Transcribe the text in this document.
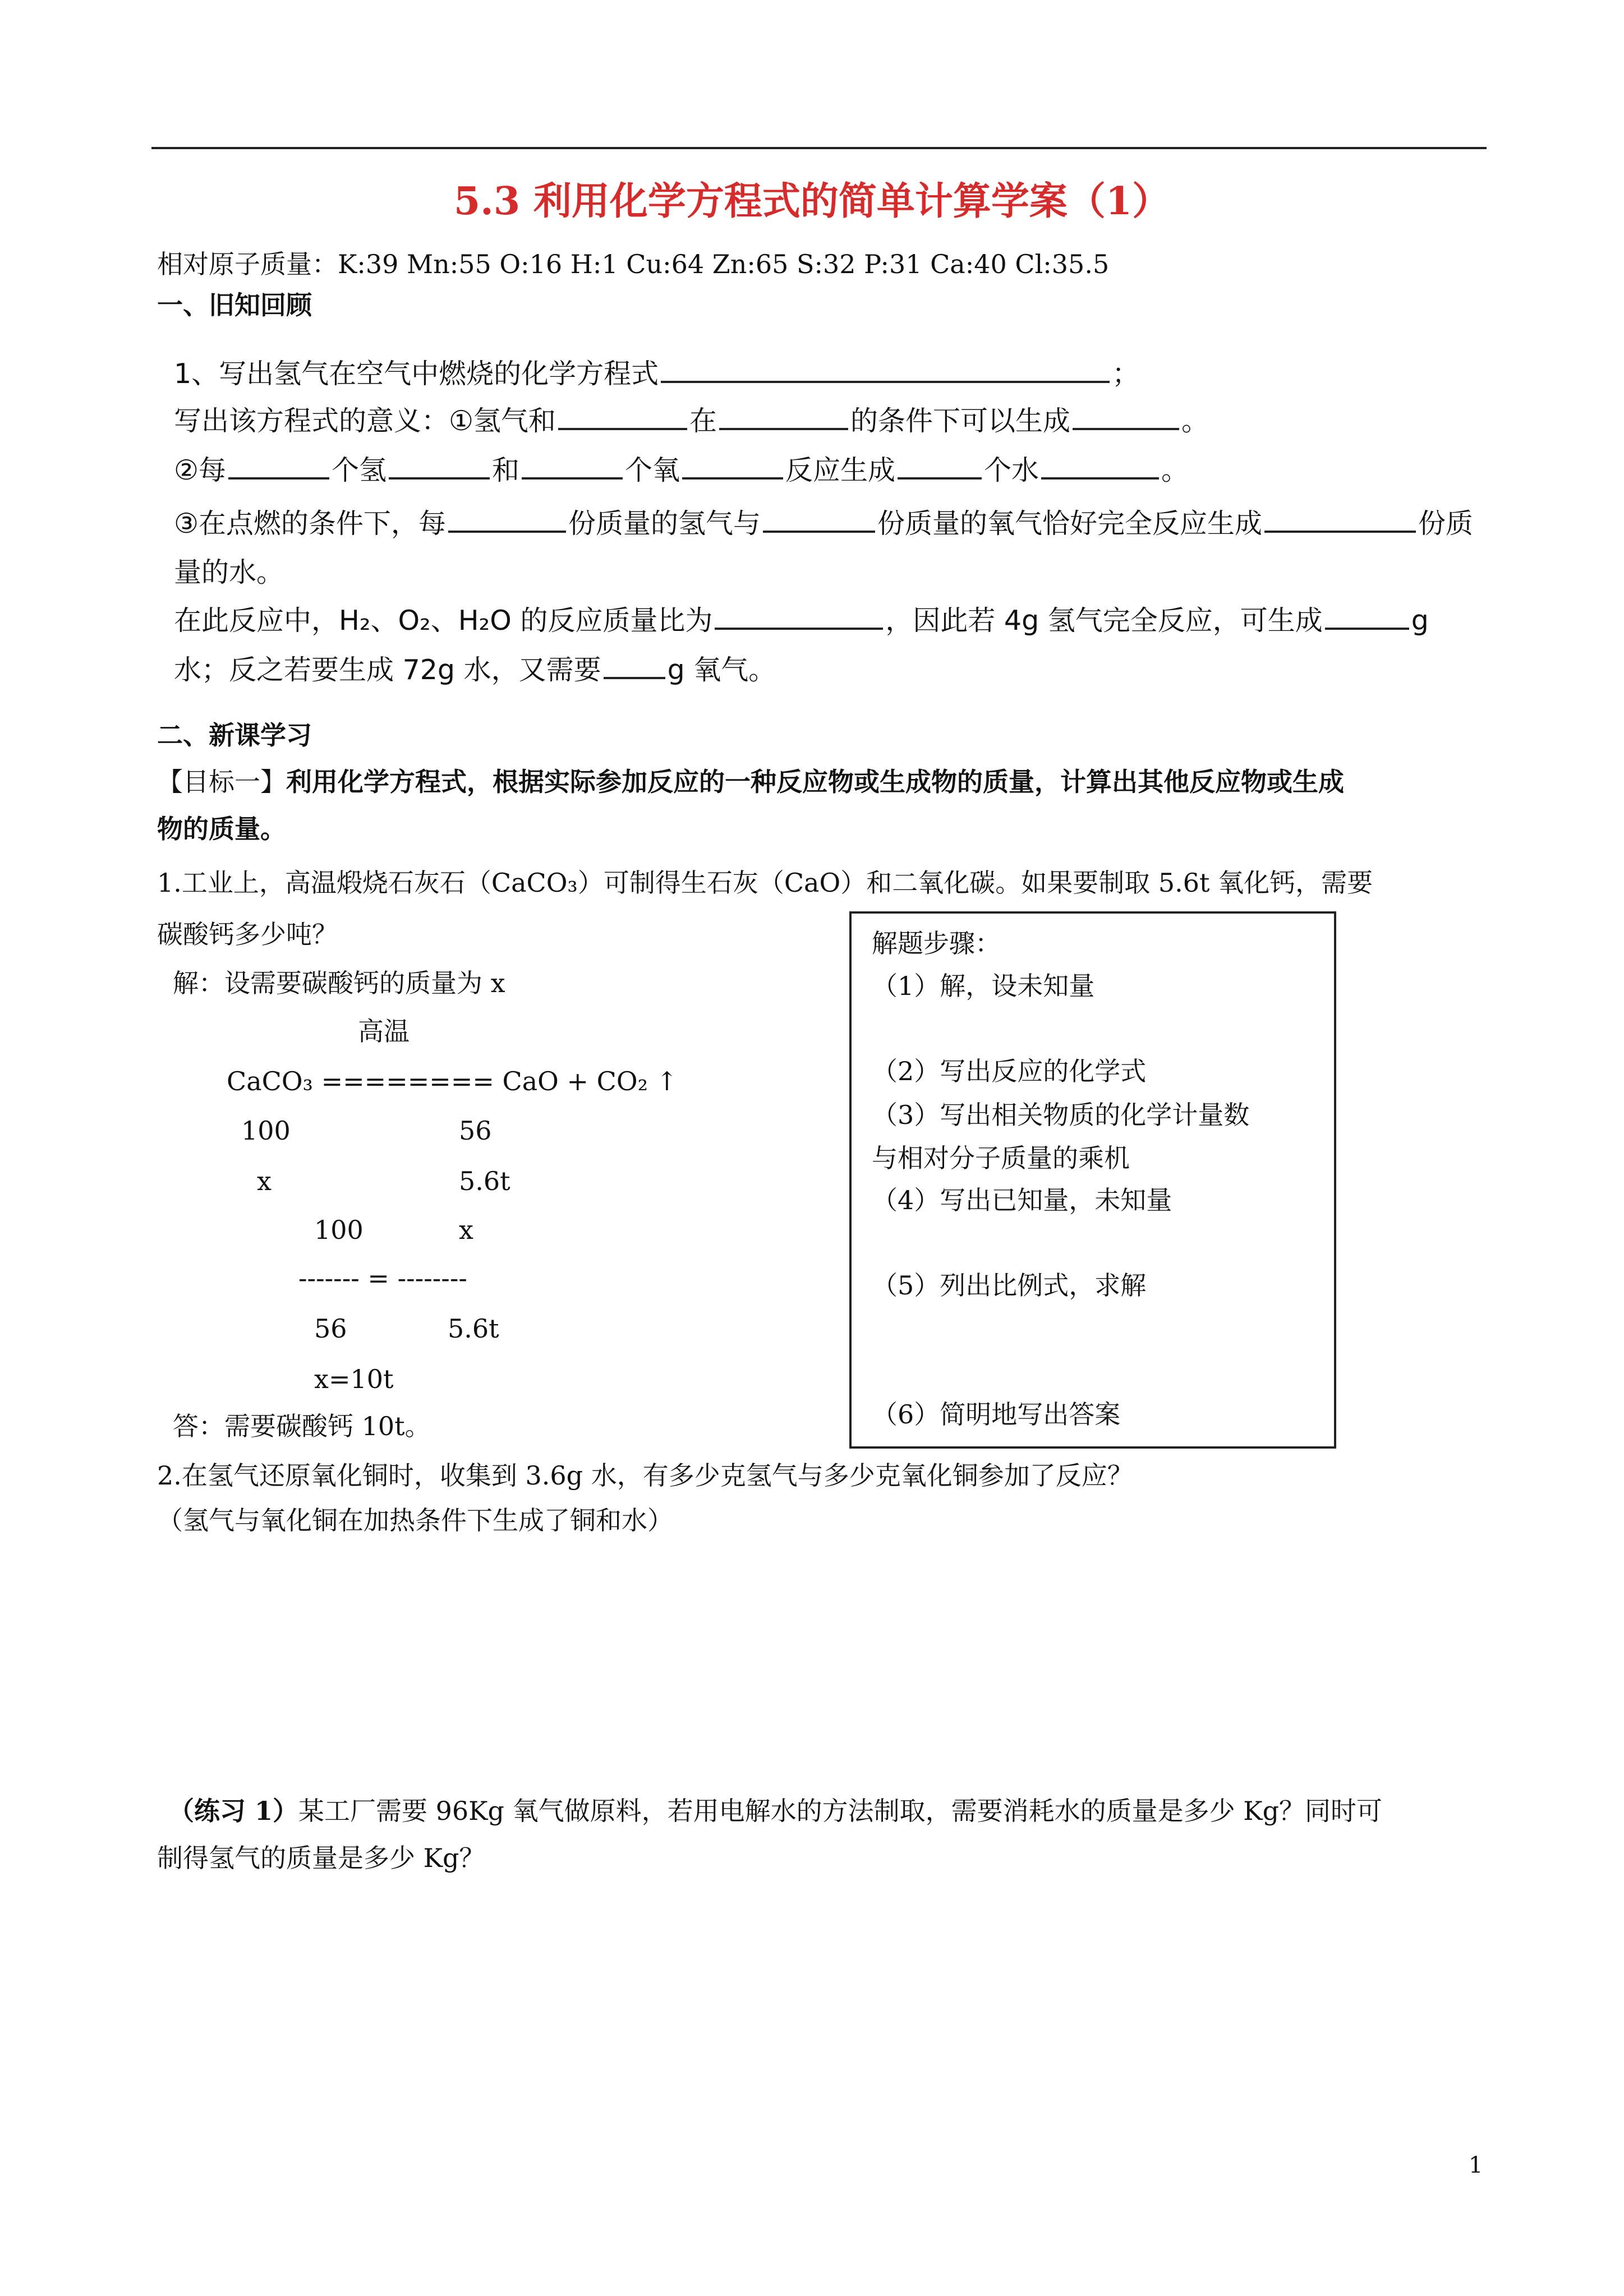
5.3 利用化学方程式的简单计算学案（1）
相对原子质量：K:39 Mn:55 O:16 H:1 Cu:64 Zn:65 S:32 P:31 Ca:40 Cl:35.5
一、旧知回顾
1、写出氢气在空气中燃烧的化学方程式	；
写出该方程式的意义：①氢气和	在	的条件下可以生成	。
②每	个氢	和	个氧	反应生成	个水	。
③在点燃的条件下，每	份质量的氢气与	份质量的氧气恰好完全反应生成	份质
量的水。
在此反应中，H₂、O₂、H₂O 的反应质量比为	，因此若 4g 氢气完全反应，可生成	g
水；反之若要生成 72g 水，又需要 g 氧气。
二、新课学习
【目标一】利用化学方程式，根据实际参加反应的一种反应物或生成物的质量，计算出其他反应物或生成
物的质量。
1.工业上，高温煅烧石灰石（CaCO₃）可制得生石灰（CaO）和二氧化碳。如果要制取 5.6t 氧化钙，需要
碳酸钙多少吨？
解：设需要碳酸钙的质量为 x
高温
CaCO₃ ======== CaO + CO₂ ↑
100	56
x	5.6t
100	x
------- = --------
56	5.6t
x=10t
答：需要碳酸钙 10t。
解题步骤：
（1）解，设未知量
（2）写出反应的化学式
（3）写出相关物质的化学计量数
与相对分子质量的乘机
（4）写出已知量，未知量
（5）列出比例式，求解
（6）简明地写出答案
2.在氢气还原氧化铜时，收集到 3.6g 水，有多少克氢气与多少克氧化铜参加了反应？
（氢气与氧化铜在加热条件下生成了铜和水）
（练习 1）某工厂需要 96Kg 氧气做原料，若用电解水的方法制取，需要消耗水的质量是多少 Kg？同时可
制得氢气的质量是多少 Kg？
1
